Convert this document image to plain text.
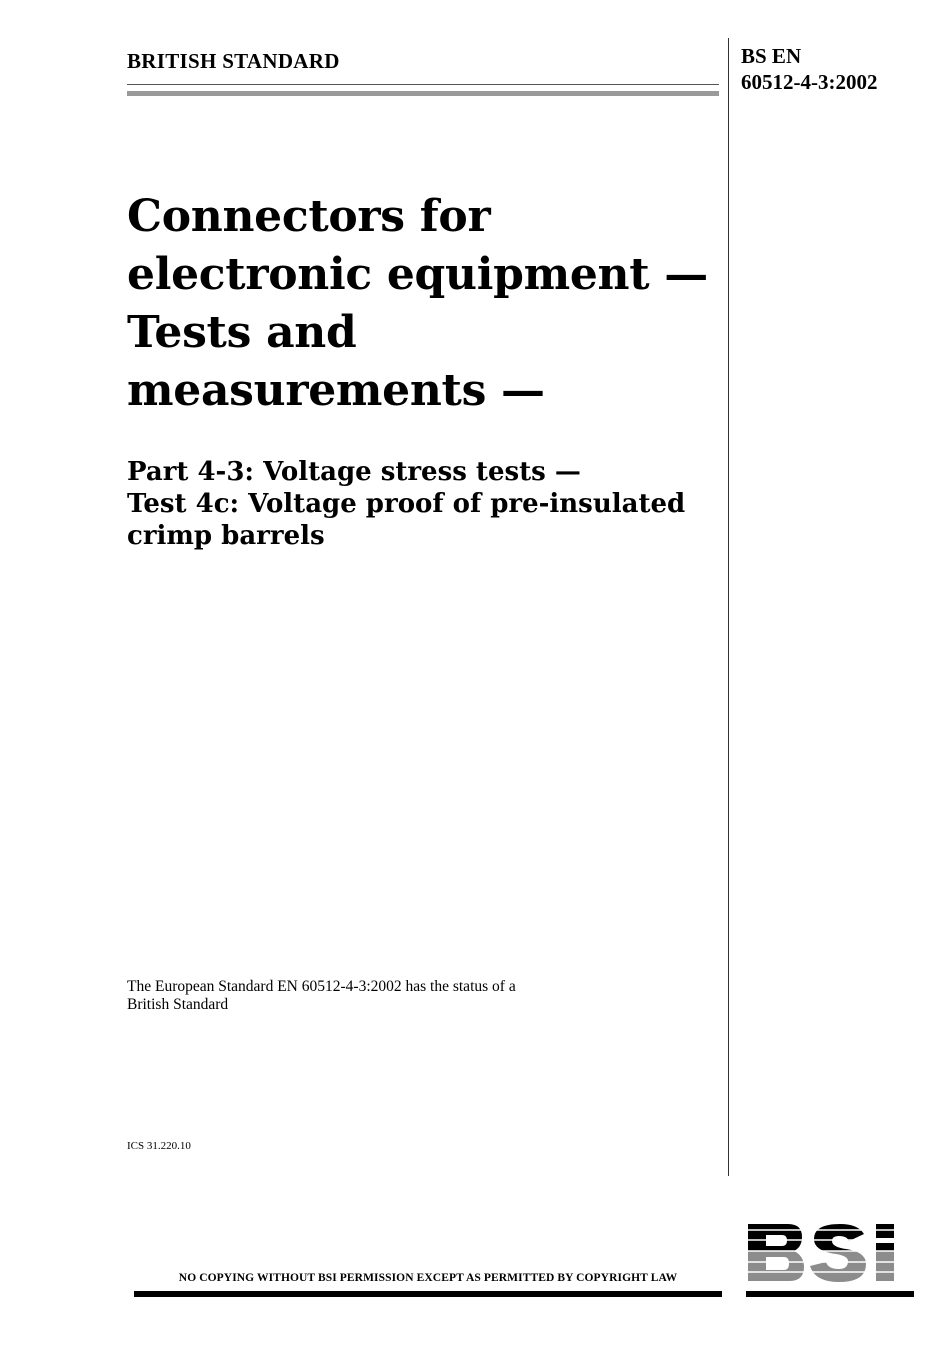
BRITISH STANDARD	BS EN
60512-4-3:2002
Connectors for
electronic equipment —
Tests and
measurements —
Part 4-3: Voltage stress tests —
Test 4c: Voltage proof of pre-insulated
crimp barrels

The European Standard EN 60512-4-3:2002 has the status of a
British Standard

ICS 31.220.10

NO COPYING WITHOUT BSI PERMISSION EXCEPT AS PERMITTED BY COPYRIGHT LAW
